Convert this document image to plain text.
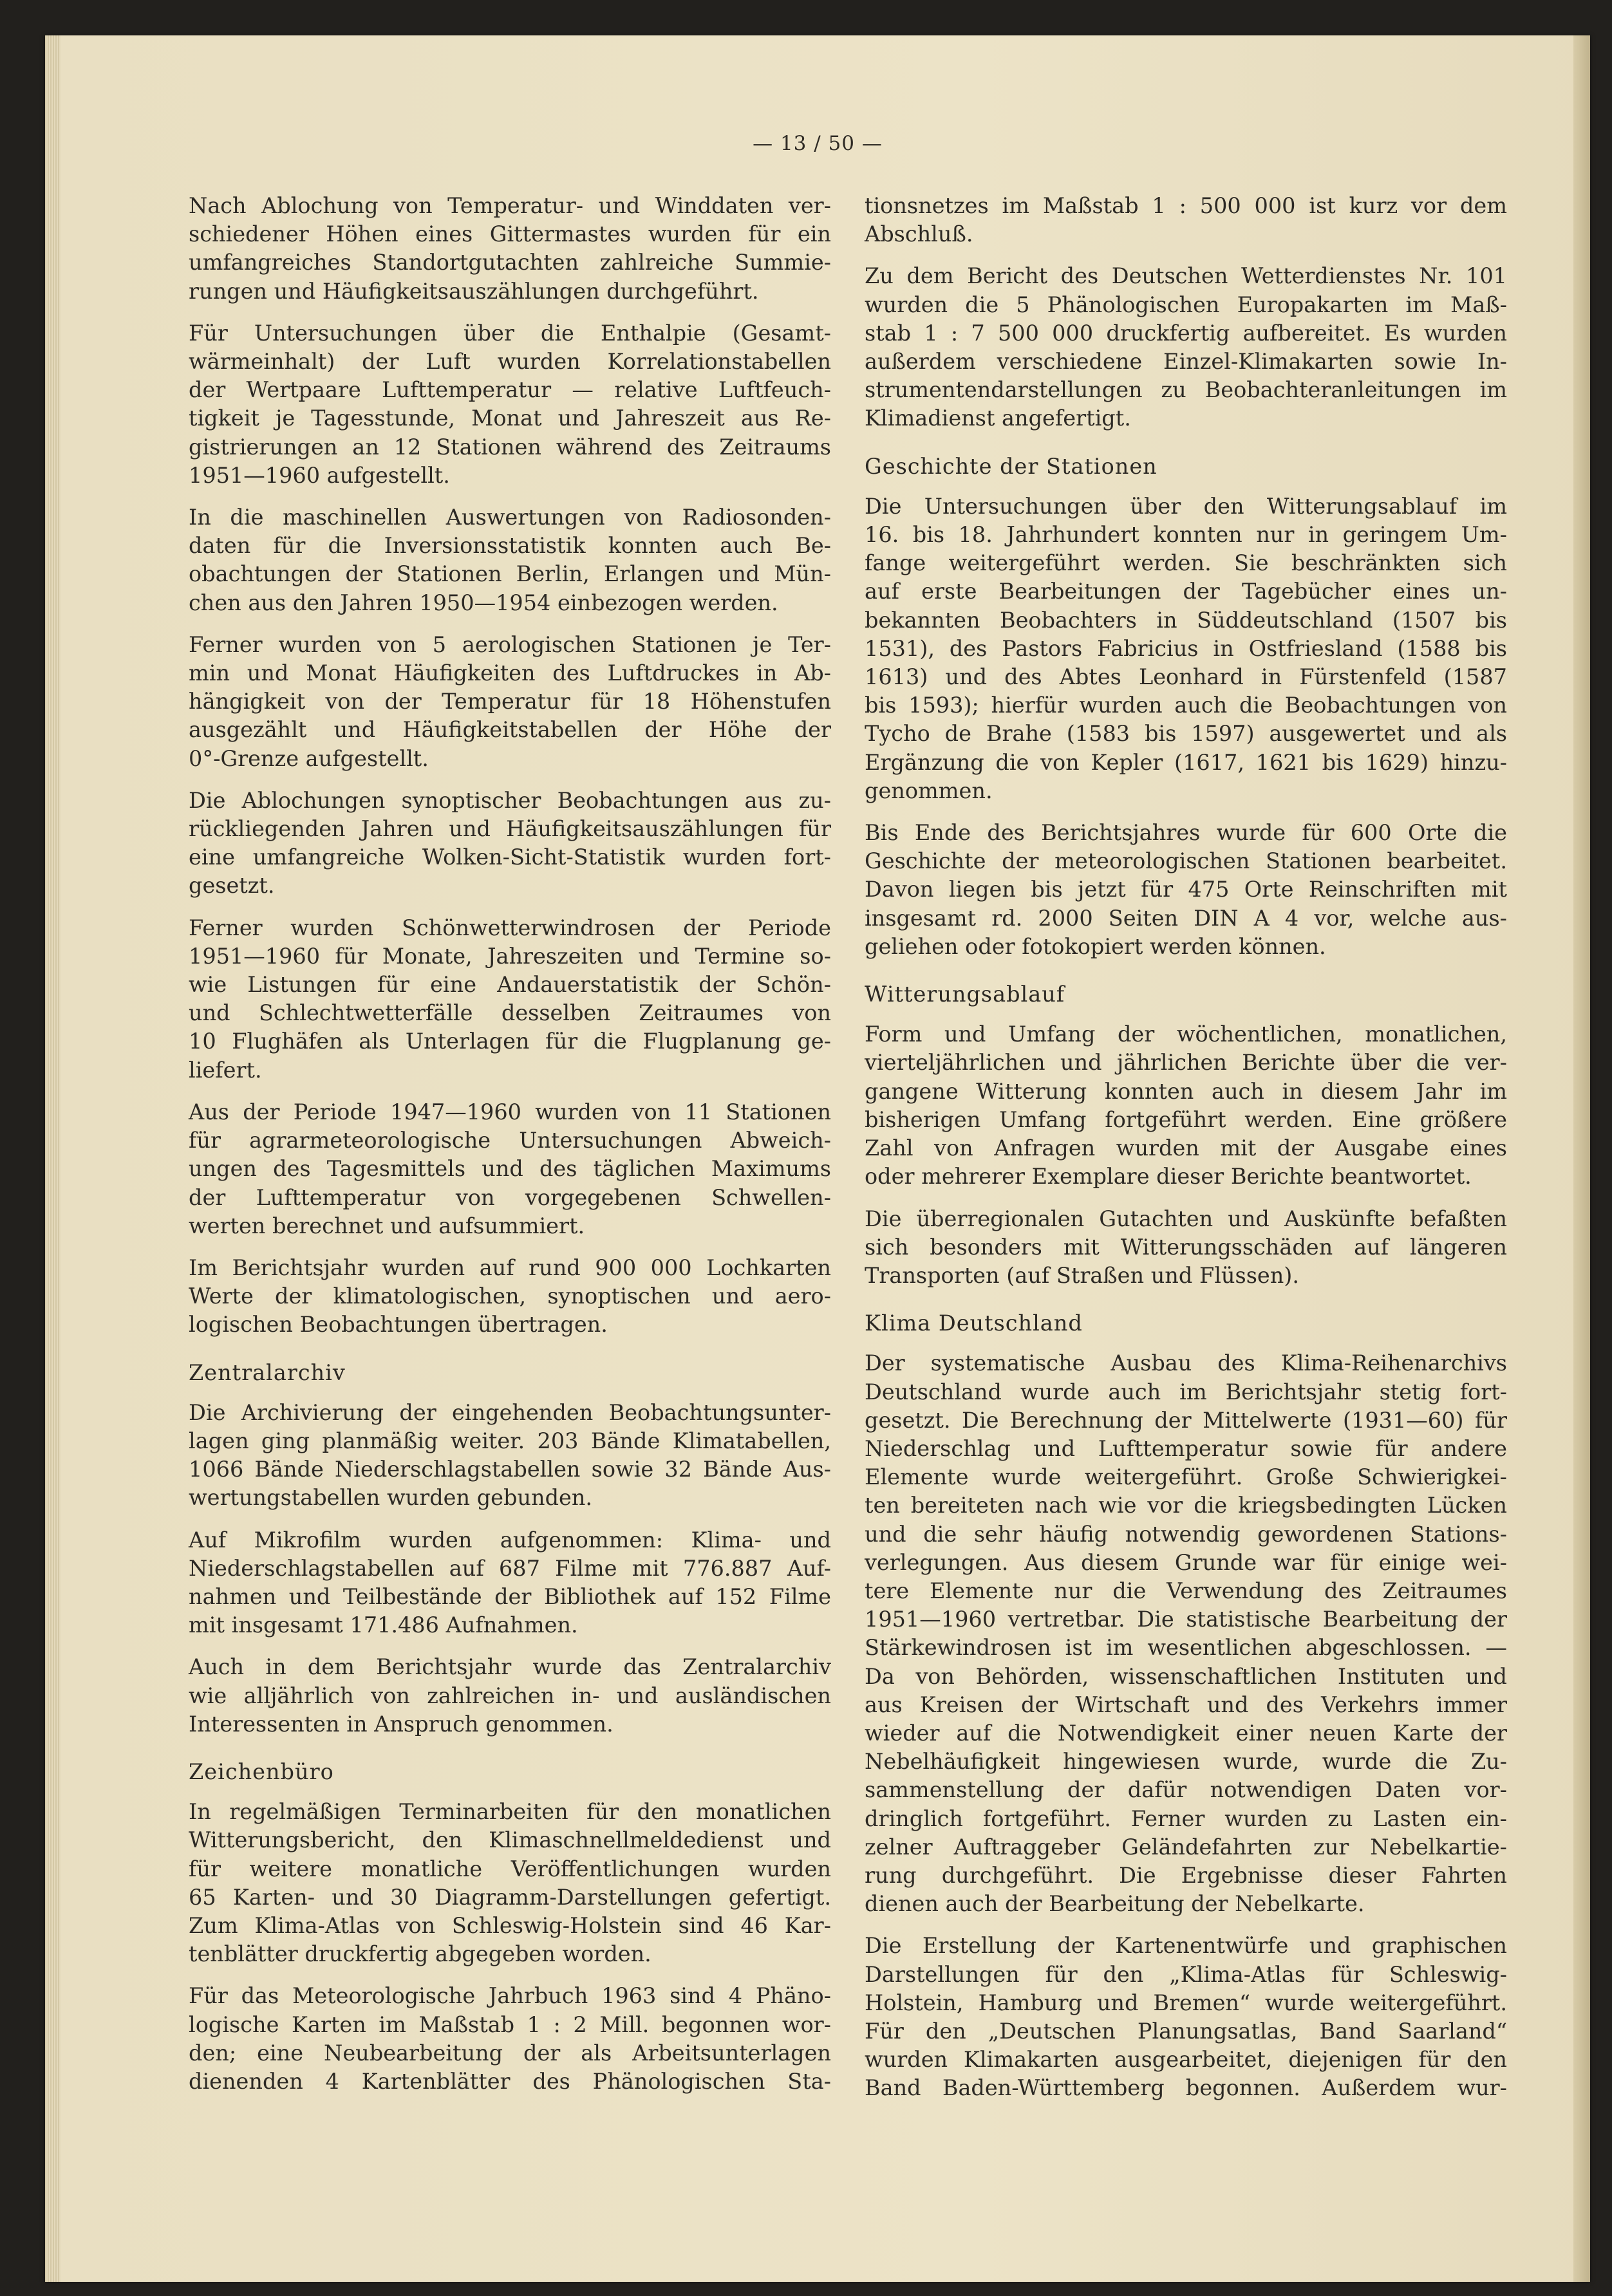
— 13 / 50 —
Nach Ablochung von Temperatur- und Winddaten ver-
schiedener Höhen eines Gittermastes wurden für ein
umfangreiches Standortgutachten zahlreiche Summie-
rungen und Häufigkeitsauszählungen durchgeführt.
Für Untersuchungen über die Enthalpie (Gesamt-
wärmeinhalt) der Luft wurden Korrelationstabellen
der Wertpaare Lufttemperatur — relative Luftfeuch-
tigkeit je Tagesstunde, Monat und Jahreszeit aus Re-
gistrierungen an 12 Stationen während des Zeitraums
1951—1960 aufgestellt.
In die maschinellen Auswertungen von Radiosonden-
daten für die Inversionsstatistik konnten auch Be-
obachtungen der Stationen Berlin, Erlangen und Mün-
chen aus den Jahren 1950—1954 einbezogen werden.
Ferner wurden von 5 aerologischen Stationen je Ter-
min und Monat Häufigkeiten des Luftdruckes in Ab-
hängigkeit von der Temperatur für 18 Höhenstufen
ausgezählt und Häufigkeitstabellen der Höhe der
0°-Grenze aufgestellt.
Die Ablochungen synoptischer Beobachtungen aus zu-
rückliegenden Jahren und Häufigkeitsauszählungen für
eine umfangreiche Wolken-Sicht-Statistik wurden fort-
gesetzt.
Ferner wurden Schönwetterwindrosen der Periode
1951—1960 für Monate, Jahreszeiten und Termine so-
wie Listungen für eine Andauerstatistik der Schön-
und Schlechtwetterfälle desselben Zeitraumes von
10 Flughäfen als Unterlagen für die Flugplanung ge-
liefert.
Aus der Periode 1947—1960 wurden von 11 Stationen
für agrarmeteorologische Untersuchungen Abweich-
ungen des Tagesmittels und des täglichen Maximums
der Lufttemperatur von vorgegebenen Schwellen-
werten berechnet und aufsummiert.
Im Berichtsjahr wurden auf rund 900 000 Lochkarten
Werte der klimatologischen, synoptischen und aero-
logischen Beobachtungen übertragen.
Zentralarchiv
Die Archivierung der eingehenden Beobachtungsunter-
lagen ging planmäßig weiter. 203 Bände Klimatabellen,
1066 Bände Niederschlagstabellen sowie 32 Bände Aus-
wertungstabellen wurden gebunden.
Auf Mikrofilm wurden aufgenommen: Klima- und
Niederschlagstabellen auf 687 Filme mit 776.887 Auf-
nahmen und Teilbestände der Bibliothek auf 152 Filme
mit insgesamt 171.486 Aufnahmen.
Auch in dem Berichtsjahr wurde das Zentralarchiv
wie alljährlich von zahlreichen in- und ausländischen
Interessenten in Anspruch genommen.
Zeichenbüro
In regelmäßigen Terminarbeiten für den monatlichen
Witterungsbericht, den Klimaschnellmeldedienst und
für weitere monatliche Veröffentlichungen wurden
65 Karten- und 30 Diagramm-Darstellungen gefertigt.
Zum Klima-Atlas von Schleswig-Holstein sind 46 Kar-
tenblätter druckfertig abgegeben worden.
Für das Meteorologische Jahrbuch 1963 sind 4 Phäno-
logische Karten im Maßstab 1 : 2 Mill. begonnen wor-
den; eine Neubearbeitung der als Arbeitsunterlagen
dienenden 4 Kartenblätter des Phänologischen Sta-
tionsnetzes im Maßstab 1 : 500 000 ist kurz vor dem
Abschluß.
Zu dem Bericht des Deutschen Wetterdienstes Nr. 101
wurden die 5 Phänologischen Europakarten im Maß-
stab 1 : 7 500 000 druckfertig aufbereitet. Es wurden
außerdem verschiedene Einzel-Klimakarten sowie In-
strumentendarstellungen zu Beobachteranleitungen im
Klimadienst angefertigt.
Geschichte der Stationen
Die Untersuchungen über den Witterungsablauf im
16. bis 18. Jahrhundert konnten nur in geringem Um-
fange weitergeführt werden. Sie beschränkten sich
auf erste Bearbeitungen der Tagebücher eines un-
bekannten Beobachters in Süddeutschland (1507 bis
1531), des Pastors Fabricius in Ostfriesland (1588 bis
1613) und des Abtes Leonhard in Fürstenfeld (1587
bis 1593); hierfür wurden auch die Beobachtungen von
Tycho de Brahe (1583 bis 1597) ausgewertet und als
Ergänzung die von Kepler (1617, 1621 bis 1629) hinzu-
genommen.
Bis Ende des Berichtsjahres wurde für 600 Orte die
Geschichte der meteorologischen Stationen bearbeitet.
Davon liegen bis jetzt für 475 Orte Reinschriften mit
insgesamt rd. 2000 Seiten DIN A 4 vor, welche aus-
geliehen oder fotokopiert werden können.
Witterungsablauf
Form und Umfang der wöchentlichen, monatlichen,
vierteljährlichen und jährlichen Berichte über die ver-
gangene Witterung konnten auch in diesem Jahr im
bisherigen Umfang fortgeführt werden. Eine größere
Zahl von Anfragen wurden mit der Ausgabe eines
oder mehrerer Exemplare dieser Berichte beantwortet.
Die überregionalen Gutachten und Auskünfte befaßten
sich besonders mit Witterungsschäden auf längeren
Transporten (auf Straßen und Flüssen).
Klima Deutschland
Der systematische Ausbau des Klima-Reihenarchivs
Deutschland wurde auch im Berichtsjahr stetig fort-
gesetzt. Die Berechnung der Mittelwerte (1931—60) für
Niederschlag und Lufttemperatur sowie für andere
Elemente wurde weitergeführt. Große Schwierigkei-
ten bereiteten nach wie vor die kriegsbedingten Lücken
und die sehr häufig notwendig gewordenen Stations-
verlegungen. Aus diesem Grunde war für einige wei-
tere Elemente nur die Verwendung des Zeitraumes
1951—1960 vertretbar. Die statistische Bearbeitung der
Stärkewindrosen ist im wesentlichen abgeschlossen. —
Da von Behörden, wissenschaftlichen Instituten und
aus Kreisen der Wirtschaft und des Verkehrs immer
wieder auf die Notwendigkeit einer neuen Karte der
Nebelhäufigkeit hingewiesen wurde, wurde die Zu-
sammenstellung der dafür notwendigen Daten vor-
dringlich fortgeführt. Ferner wurden zu Lasten ein-
zelner Auftraggeber Geländefahrten zur Nebelkartie-
rung durchgeführt. Die Ergebnisse dieser Fahrten
dienen auch der Bearbeitung der Nebelkarte.
Die Erstellung der Kartenentwürfe und graphischen
Darstellungen für den „Klima-Atlas für Schleswig-
Holstein, Hamburg und Bremen“ wurde weitergeführt.
Für den „Deutschen Planungsatlas, Band Saarland“
wurden Klimakarten ausgearbeitet, diejenigen für den
Band Baden-Württemberg begonnen. Außerdem wur-
